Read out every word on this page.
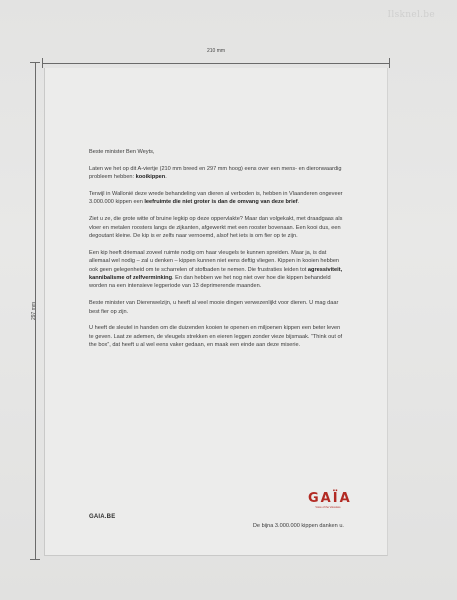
Ilsknel.be
210 mm
297 mm

Beste minister Ben Weyts,

Laten we het op dit A-viertje (210 mm breed en 297 mm hoog) eens over een mens- en dieronwaardig probleem hebben: kooikippen.

Terwijl in Wallonië deze wrede behandeling van dieren al verboden is, hebben in Vlaanderen ongeveer 3.000.000 kippen een leefruimte die niet groter is dan de omvang van deze brief.

Ziet u ze, die grote witte of bruine legkip op deze oppervlakte? Maar dan volgekakt, met draadgaas als vloer en metalen roosters langs de zijkanten, afgewerkt met een rooster bovenaan. Een kooi dus, een degoutant kleine. De kip is er zelfs naar vernoemd, alsof het iets is om fier op te zijn.

Een kip heeft driemaal zoveel ruimte nodig om haar vleugels te kunnen spreiden. Maar ja, is dat allemaal wel nodig – zal u denken – kippen kunnen niet eens deftig vliegen. Kippen in kooien hebben ook geen gelegenheid om te scharrelen of stofbaden te nemen. Die frustraties leiden tot agressiviteit, kannibalisme of zelfverminking. En dan hebben we het nog niet over hoe die kippen behandeld worden na een intensieve legperiode van 13 deprimerende maanden.

Beste minister van Dierenwelzijn, u heeft al veel mooie dingen verwezenlijkt voor dieren. U mag daar best fier op zijn.

U heeft de sleutel in handen om die duizenden kooien te openen en miljoenen kippen een beter leven te geven. Laat ze ademen, de vleugels strekken en eieren leggen zonder vieze bijsmaak. “Think out of the box”, dat heeft u al wel eens vaker gedaan, en maak een einde aan deze miserie.

De bijna 3.000.000 kippen danken u.
GAIA.BE
GAÏA
Voice of the Voiceless
